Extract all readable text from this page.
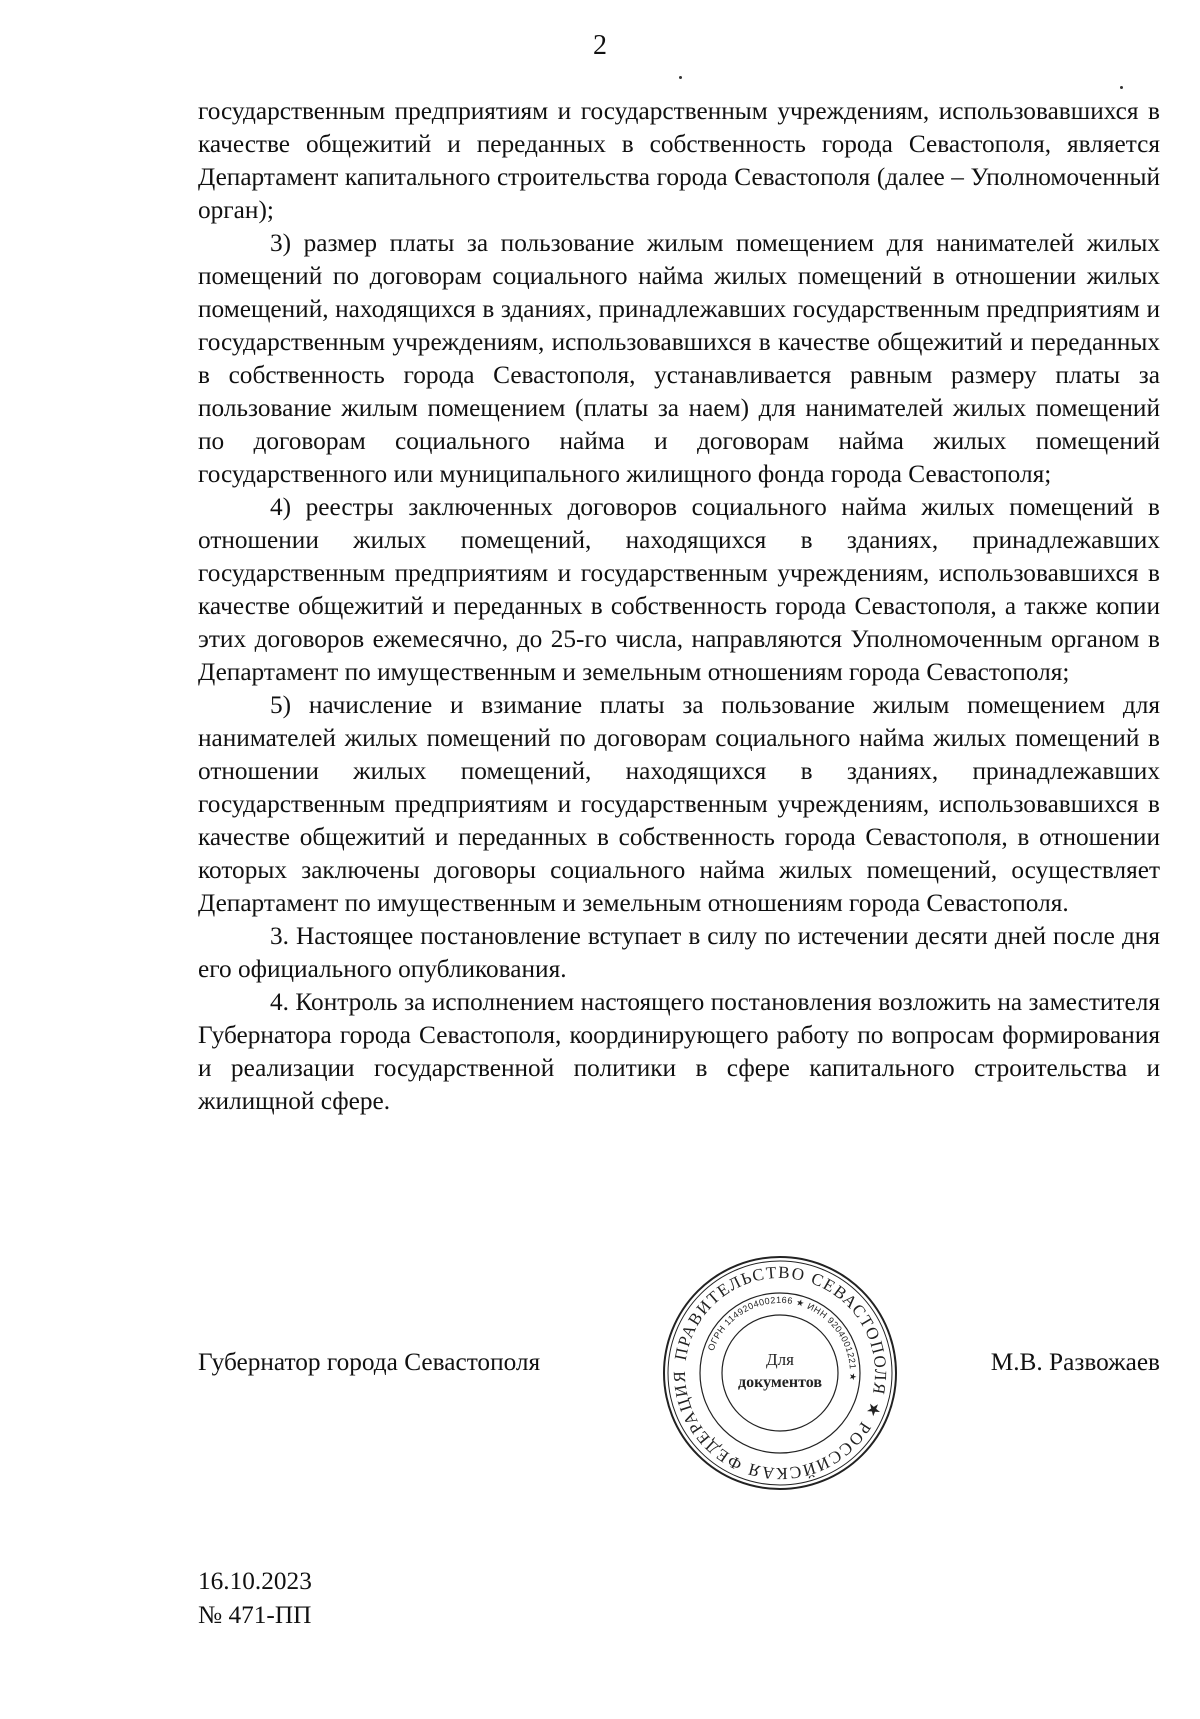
2

государственным предприятиям и государственным учреждениям, использовавшихся в качестве общежитий и переданных в собственность города Севастополя, является Департамент капитального строительства города Севастополя (далее – Уполномоченный орган);

3) размер платы за пользование жилым помещением для нанимателей жилых помещений по договорам социального найма жилых помещений в отношении жилых помещений, находящихся в зданиях, принадлежавших государственным предприятиям и государственным учреждениям, использовавшихся в качестве общежитий и переданных в собственность города Севастополя, устанавливается равным размеру платы за пользование жилым помещением (платы за наем) для нанимателей жилых помещений по договорам социального найма и договорам найма жилых помещений государственного или муниципального жилищного фонда города Севастополя;

4) реестры заключенных договоров социального найма жилых помещений в отношении жилых помещений, находящихся в зданиях, принадлежавших государственным предприятиям и государственным учреждениям, использовавшихся в качестве общежитий и переданных в собственность города Севастополя, а также копии этих договоров ежемесячно, до 25-го числа, направляются Уполномоченным органом в Департамент по имущественным и земельным отношениям города Севастополя;

5) начисление и взимание платы за пользование жилым помещением для нанимателей жилых помещений по договорам социального найма жилых помещений в отношении жилых помещений, находящихся в зданиях, принадлежавших государственным предприятиям и государственным учреждениям, использовавшихся в качестве общежитий и переданных в собственность города Севастополя, в отношении которых заключены договоры социального найма жилых помещений, осуществляет Департамент по имущественным и земельным отношениям города Севастополя.

3. Настоящее постановление вступает в силу по истечении десяти дней после дня его официального опубликования.

4. Контроль за исполнением настоящего постановления возложить на заместителя Губернатора города Севастополя, координирующего работу по вопросам формирования и реализации государственной политики в сфере капитального строительства и жилищной сфере.

Губернатор города Севастополя	М.В. Развожаев
ПРАВИТЕЛЬСТВО СЕВАСТОПОЛЯ ★ РОССИЙСКАЯ ФЕДЕРАЦИЯ
ОГРН 1149204002166 ★ ИНН 9204001221 ★
Для
документов
16.10.2023
№ 471-ПП
